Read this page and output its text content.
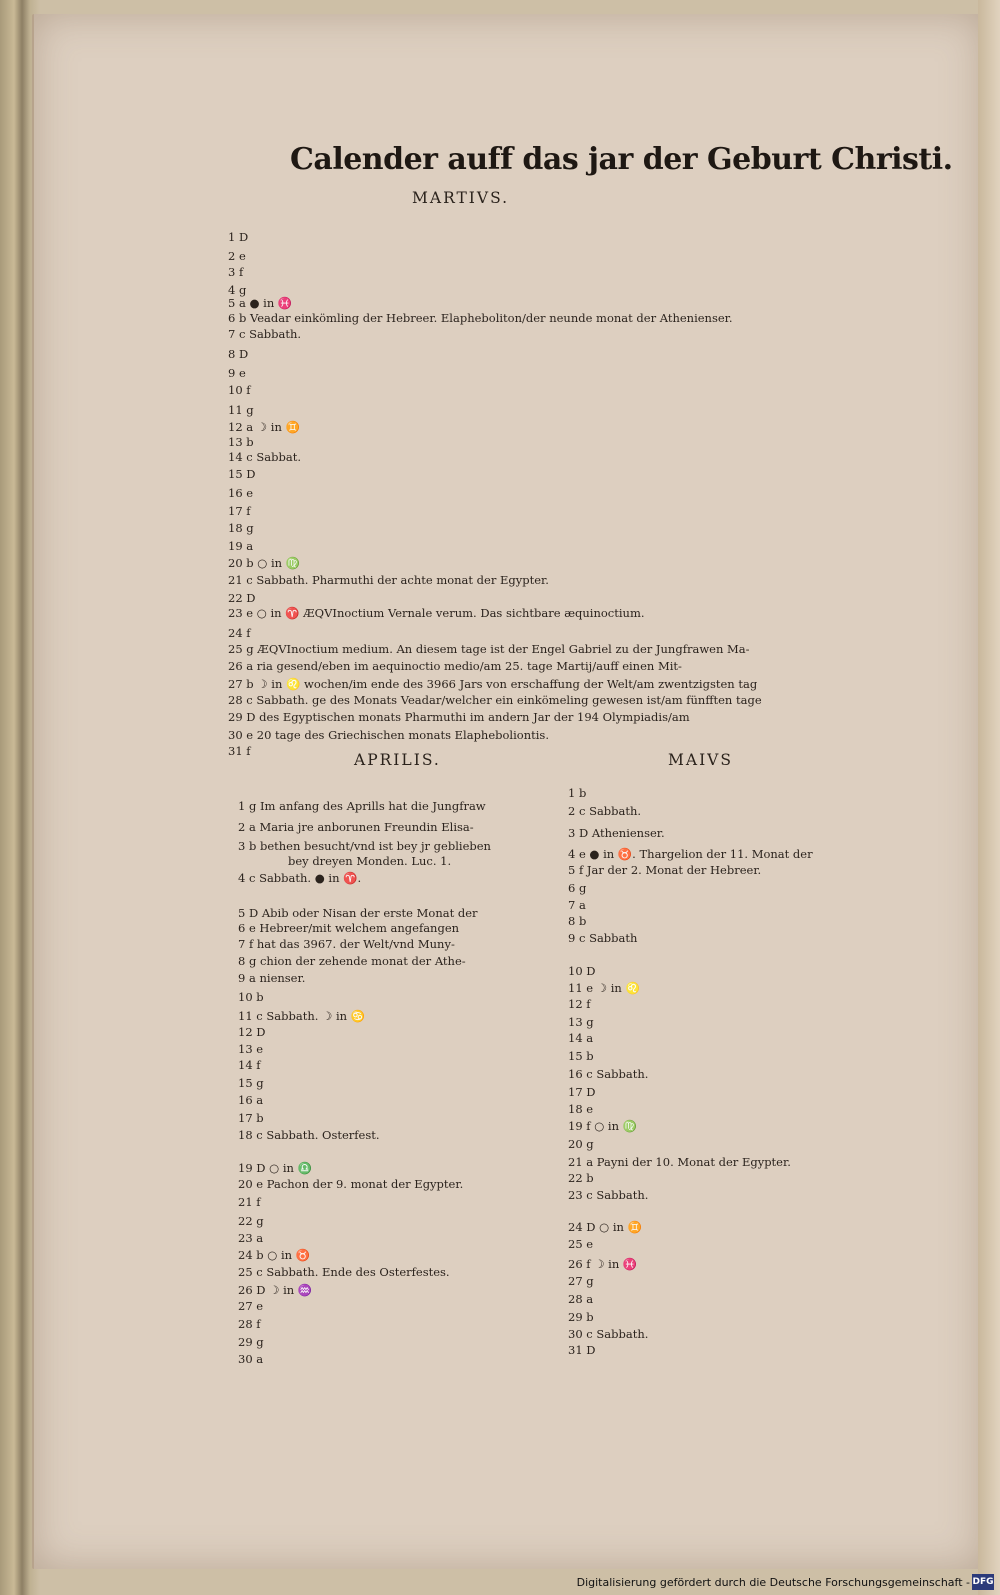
Calender auff das jar der Geburt Christi.
MARTIVS.
APRILIS.	MAIVS
1 D
2 e
3 f
4 g
5 a ● in ♓
6 b Veadar einkömling der Hebreer. Elapheboliton/der neunde monat der Athenienser.
7 c Sabbath.
8 D
9 e
10 f
11 g
12 a ☽ in ♊
13 b
14 c Sabbat.
15 D
16 e
17 f
18 g
19 a
20 b ○ in ♍
21 c Sabbath. Pharmuthi der achte monat der Egypter.
22 D
23 e ○ in ♈ ÆQVInoctium Vernale verum. Das sichtbare æquinoctium.
24 f
25 g ÆQVInoctium medium. An diesem tage ist der Engel Gabriel zu der Jungfrawen Ma-
26 a ria gesend/eben im aequinoctio medio/am 25. tage Martij/auff einen Mit-
27 b ☽ in ♌ wochen/im ende des 3966 Jars von erschaffung der Welt/am zwentzigsten tag
28 c Sabbath. ge des Monats Veadar/welcher ein einkömeling gewesen ist/am fünfften tage
29 D des Egyptischen monats Pharmuthi im andern Jar der 194 Olympiadis/am
30 e 20 tage des Griechischen monats Elapheboliontis.
31 f
1 g Im anfang des Aprills hat die Jungfraw
2 a Maria jre anborunen Freundin Elisa-
3 b bethen besucht/vnd ist bey jr geblieben
bey dreyen Monden. Luc. 1.
4 c Sabbath. ● in ♈.
5 D Abib oder Nisan der erste Monat der
6 e Hebreer/mit welchem angefangen
7 f hat das 3967. der Welt/vnd Muny-
8 g chion der zehende monat der Athe-
9 a nienser.
10 b
11 c Sabbath. ☽ in ♋
12 D
13 e
14 f
15 g
16 a
17 b
18 c Sabbath. Osterfest.
19 D ○ in ♎
20 e Pachon der 9. monat der Egypter.
21 f
22 g
23 a
24 b ○ in ♉
25 c Sabbath. Ende des Osterfestes.
26 D ☽ in ♒
27 e
28 f
29 g
30 a
1 b
2 c Sabbath.
3 D Athenienser.
4 e ● in ♉. Thargelion der 11. Monat der
5 f Jar der 2. Monat der Hebreer.
6 g
7 a
8 b
9 c Sabbath
10 D
11 e ☽ in ♌
12 f
13 g
14 a
15 b
16 c Sabbath.
17 D
18 e
19 f ○ in ♍
20 g
21 a Payni der 10. Monat der Egypter.
22 b
23 c Sabbath.
24 D ○ in ♊
25 e
26 f ☽ in ♓
27 g
28 a
29 b
30 c Sabbath.
31 D
Digitalisierung gefördert durch die Deutsche Forschungsgemeinschaft - DFG
